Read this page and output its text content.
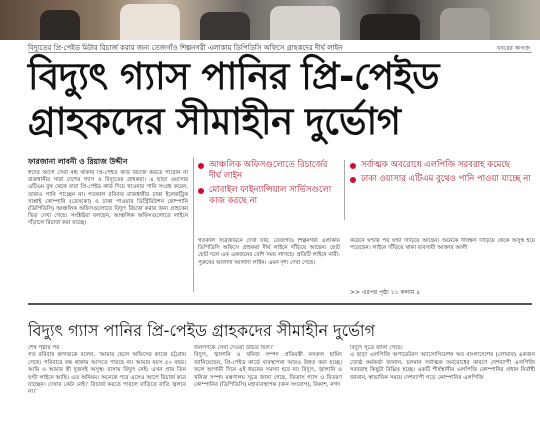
বিদ্যুতের প্রি-পেইড মিটার রিচার্জ করার জন্য তেজগাঁও শিল্পনগরী এলাকায় ডিপিডিসি অফিসে গ্রাহকদের দীর্ঘ লাইন	খবরের কাগজ
বিদ্যুৎ গ্যাস পানির প্রি-পেইড
গ্রাহকদের সীমাহীন দুর্ভোগ
ফারজানা লাবনী ও রিয়াজ উদ্দীন
ঈদের আগে সেবা বন্ধ থাকায় প্রি-পেইড কার্ড রিচার্জ করতে পারেনি না রাজধানীর সারা দেশের গ্যাস ও বিদ্যুতের গ্রাহকরা। এ ছাড়া ওয়াসার এটিএম বুথ থেকে যারা প্রি-পেইড কার্ড দিয়ে খাওয়ার পানি সংগ্রহ করেন, তারাও পানি পাচ্ছেন না। গতকাল রবিবার রাজধানীর ঢাকা ইলেকট্রিক সাপ্লাই কোম্পানি (ডেসকো) ও ঢাকা পাওয়ার ডিস্ট্রিবিউশন কোম্পানি (ডিপিডিসি) আঞ্চলিক অফিসগুলোতে বিদ্যুৎ রিচার্জ করার জন্য গ্রাহকের ভিড় দেখা গেছে। সংশ্লিষ্টরা বলছেন, আঞ্চলিক অফিসগুলোতে লাইনে দাঁড়ালে রিচার্জ করা যাচ্ছে।
আঞ্চলিক অফিসগুলোতে রিচার্জের দীর্ঘ লাইন
মোবাইল ফাইন্যান্সিয়াল সার্ভিসগুলো কাজ করছে না
সর্বাত্মক অবরোধে এলপিজি সরবরাহ কমেছে
ঢাকা ওয়াসার এটিএম বুথেও পানি পাওয়া যাচ্ছে না
গতকাল সরেজমিনে দেখা যায়, তেজগাঁও শিল্পনগরী এলাকায় ডিপিডিসি অফিসে গ্রাহকরা দীর্ঘ লাইনে দাঁড়িয়ে আছেন। ছোট ছোট দলে এক একজনের বেশি সময় লাগছে। প্রতিটি লাইনে নারী-পুরুষের আলাদা আলাদা লাইন। এমন দৃশ্য দেখা গেছে।
করেনে ঘণ্টার পর ঘণ্টা দাঁড়িয়ে আছেন। অনেকে দীর্ঘক্ষণ দাঁড়িয়ে থেকে অসুস্থ হয়ে পড়েছেন। লাইনে দাঁড়িয়ে থাকা ব্যবসায়ী আক্তার আলী
>> এরপর পৃষ্ঠা ১১ কলাম ৪
বিদ্যুৎ গ্যাস পানির প্রি-পেইড গ্রাহকদের সীমাহীন দুর্ভোগ
শেষ পৃষ্ঠার পর
গত রবিবার কাগজকে বলেন, ‘আমার ছেলে অফিসের কাজে চট্টগ্রাম গেছে। পরিবারে বন্ধ থাকায় আসতে পারছে না। আমার বয়স ৫০ বছর। আমি ও আমার স্ত্রী দুজনই অসুস্থ। বাসায় বিদ্যুৎ নেই। এখন প্রায় তিন ঘণ্টা লাইনে আছি। এত অনিয়ম। অনেকে পরে এসেও আগে রিচার্জ করে যাচ্ছেন। দেখার কেউ নেই।’ রিচার্জ করতে পারলে বাড়িতে বাতি জ্বলবে না।’
জনগণকে সেবা দেওয়া উচিত ছিল।’
বিদ্যুৎ, জ্বালানি ও খনিজ সম্পদ প্রতিমন্ত্রী নসরুল হামিদ জানিয়েছেন, প্রি-পেইড কার্ডে ব্যবস্থাপনা আরও উন্নত করা হচ্ছে। ফলে আগামী দিনে এই ধরনের সমস্যা হবে না। বিদ্যুৎ, জ্বালানি ও খনিজ সম্পদ মন্ত্রণালয় সূত্রে জানা গেছে, তিতাস গ্যাস ও বিতরণ কোম্পানির (ডিপিডিসি) মহাব্যবস্থাপক (জন সংযোগ), বিকাশ, নগদ
বিদ্যুৎ সূত্রে জানা গেছে।
এ ছাড়া এলপিজি অপারেটরস অ্যাসোসিয়েশন অব বাংলাদেশের (লোয়াব) একজন জ্যেষ্ঠ কর্মকর্তা জানান, চলমান সর্বাত্মক অবরোধের কারণে দেশব্যাপী এলপিজি সরবরাহ কিছুটা বিঘ্নিত হচ্ছে। একটি শীর্ষস্থানীয় এলপিজি কোম্পানির প্রধান নির্বাহী জানান, স্বাভাবিক সময়ে দেশব্যাপী গড়ে কোম্পানির এলপিজি
